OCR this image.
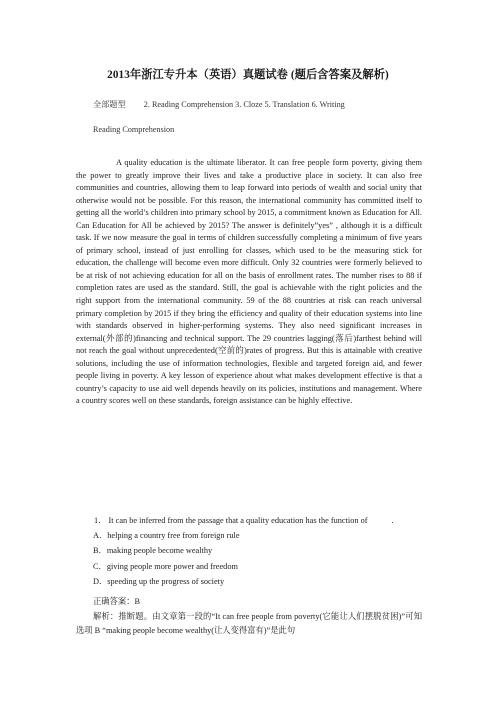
2013年浙江专升本（英语）真题试卷 (题后含答案及解析)
全部题型 2. Reading Comprehension 3. Cloze 5. Translation 6. Writing
Reading Comprehension
A quality education is the ultimate liberator. It can free people form poverty, giving them the power to greatly improve their lives and take a productive place in society. It can also free communities and countries, allowing them to leap forward into periods of wealth and social unity that otherwise would not be possible. For this reason, the international community has committed itself to getting all the world’s children into primary school by 2015, a commitment known as Education for All. Can Education for All be achieved by 2015? The answer is definitely”yes” , although it is a difficult task. If we now measure the goal in terms of children successfully completing a minimum of five years of primary school, instead of just enrolling for classes, which used to be the measuring stick for education, the challenge will become even more difficult. Only 32 countries were formerly believed to be at risk of not achieving education for all on the basis of enrollment rates. The number rises to 88 if completion rates are used as the standard. Still, the goal is achievable with the right policies and the right support from the international community. 59 of the 88 countries at risk can reach universal primary completion by 2015 if they bring the efficiency and quality of their education systems into line with standards observed in higher-performing systems. They also need significant increases in external(外部的)financing and technical support. The 29 countries lagging(落后)farthest behind will not reach the goal without unprecedented(空前的)rates of progress. But this is attainable with creative solutions, including the use of information technologies, flexible and targeted foreign aid, and fewer people living in poverty. A key lesson of experience about what makes development effective is that a country’s capacity to use aid well depends heavily on its policies, institutions and management. Where a country scores well on these standards, foreign assistance can be highly effective.
1． It can be inferred from the passage that a quality education has the function of	.
A．helping a country free from foreign rule
B．making people become wealthy
C．giving people more power and freedom
D．speeding up the progress of society
正确答案：B
解析：推断题。由文章第一段的“It can free people from poverty(它能让人们摆脱贫困)”可知选项 B “making people become wealthy(让人变得富有)”是此句
